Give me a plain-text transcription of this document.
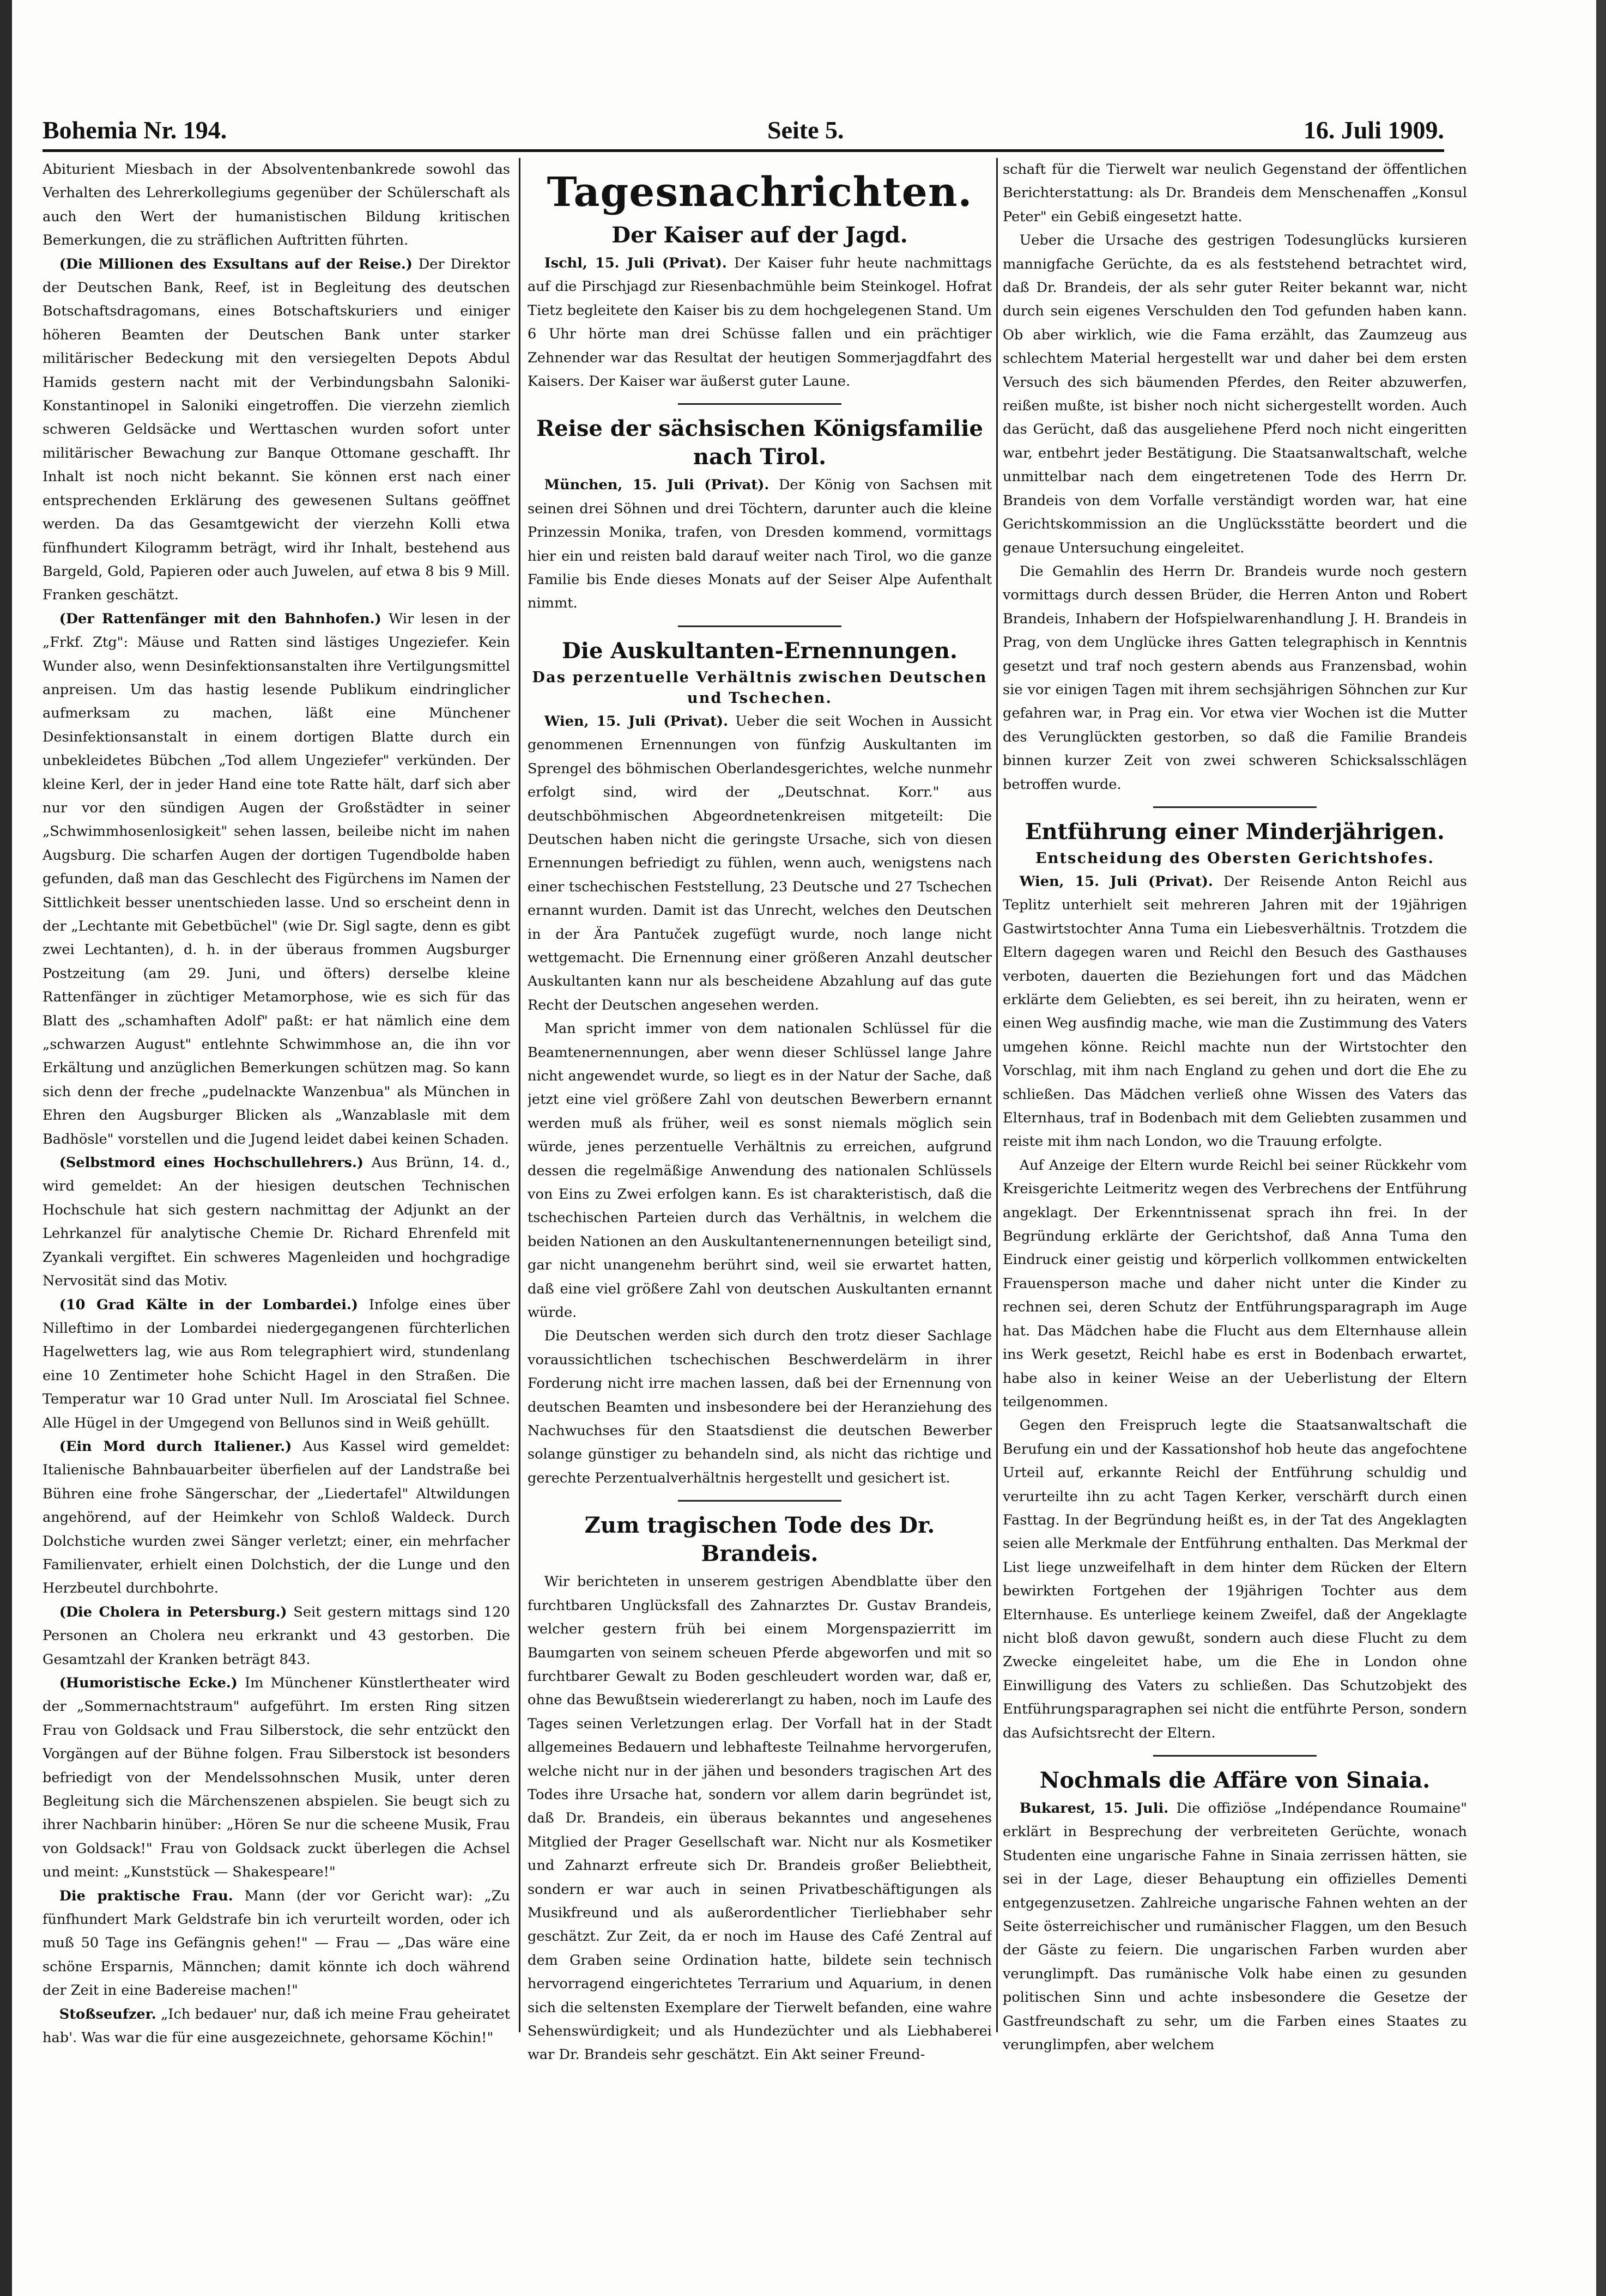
Bohemia Nr. 194.	Seite 5.	16. Juli 1909.

Abiturient Miesbach in der Absolventenbankrede sowohl das Verhalten des Lehrerkollegiums gegenüber der Schülerschaft als auch den Wert der humanistischen Bildung kritischen Bemerkungen, die zu sträflichen Auftritten führten.

(Die Millionen des Exsultans auf der Reise.) Der Direktor der Deutschen Bank, Reef, ist in Begleitung des deutschen Botschaftsdragomans, eines Botschaftskuriers und einiger höheren Beamten der Deutschen Bank unter starker militärischer Bedeckung mit den versiegelten Depots Abdul Hamids gestern nacht mit der Verbindungsbahn Saloniki-Konstantinopel in Saloniki eingetroffen. Die vierzehn ziemlich schweren Geldsäcke und Werttaschen wurden sofort unter militärischer Bewachung zur Banque Ottomane geschafft. Ihr Inhalt ist noch nicht bekannt. Sie können erst nach einer entsprechenden Erklärung des gewesenen Sultans geöffnet werden. Da das Gesamtgewicht der vierzehn Kolli etwa fünfhundert Kilogramm beträgt, wird ihr Inhalt, bestehend aus Bargeld, Gold, Papieren oder auch Juwelen, auf etwa 8 bis 9 Mill. Franken geschätzt.

(Der Rattenfänger mit den Bahnhofen.) Wir lesen in der „Frkf. Ztg": Mäuse und Ratten sind lästiges Ungeziefer. Kein Wunder also, wenn Desinfektionsanstalten ihre Vertilgungsmittel anpreisen. Um das hastig lesende Publikum eindringlicher aufmerksam zu machen, läßt eine Münchener Desinfektionsanstalt in einem dortigen Blatte durch ein unbekleidetes Bübchen „Tod allem Ungeziefer" verkünden. Der kleine Kerl, der in jeder Hand eine tote Ratte hält, darf sich aber nur vor den sündigen Augen der Großstädter in seiner „Schwimmhosenlosigkeit" sehen lassen, beileibe nicht im nahen Augsburg. Die scharfen Augen der dortigen Tugendbolde haben gefunden, daß man das Geschlecht des Figürchens im Namen der Sittlichkeit besser unentschieden lasse. Und so erscheint denn in der „Lechtante mit Gebetbüchel" (wie Dr. Sigl sagte, denn es gibt zwei Lechtanten), d. h. in der überaus frommen Augsburger Postzeitung (am 29. Juni, und öfters) derselbe kleine Rattenfänger in züchtiger Metamorphose, wie es sich für das Blatt des „schamhaften Adolf" paßt: er hat nämlich eine dem „schwarzen August" entlehnte Schwimmhose an, die ihn vor Erkältung und anzüglichen Bemerkungen schützen mag. So kann sich denn der freche „pudelnackte Wanzenbua" als München in Ehren den Augsburger Blicken als „Wanzablasle mit dem Badhösle" vorstellen und die Jugend leidet dabei keinen Schaden.

(Selbstmord eines Hochschullehrers.) Aus Brünn, 14. d., wird gemeldet: An der hiesigen deutschen Technischen Hochschule hat sich gestern nachmittag der Adjunkt an der Lehrkanzel für analytische Chemie Dr. Richard Ehrenfeld mit Zyankali vergiftet. Ein schweres Magenleiden und hochgradige Nervosität sind das Motiv.

(10 Grad Kälte in der Lombardei.) Infolge eines über Nilleftimo in der Lombardei niedergegangenen fürchterlichen Hagelwetters lag, wie aus Rom telegraphiert wird, stundenlang eine 10 Zentimeter hohe Schicht Hagel in den Straßen. Die Temperatur war 10 Grad unter Null. Im Arosciatal fiel Schnee. Alle Hügel in der Umgegend von Bellunos sind in Weiß gehüllt.

(Ein Mord durch Italiener.) Aus Kassel wird gemeldet: Italienische Bahnbauarbeiter überfielen auf der Landstraße bei Bühren eine frohe Sängerschar, der „Liedertafel" Altwildungen angehörend, auf der Heimkehr von Schloß Waldeck. Durch Dolchstiche wurden zwei Sänger verletzt; einer, ein mehrfacher Familienvater, erhielt einen Dolchstich, der die Lunge und den Herzbeutel durchbohrte.

(Die Cholera in Petersburg.) Seit gestern mittags sind 120 Personen an Cholera neu erkrankt und 43 gestorben. Die Gesamtzahl der Kranken beträgt 843.

(Humoristische Ecke.) Im Münchener Künstlertheater wird der „Sommernachtstraum" aufgeführt. Im ersten Ring sitzen Frau von Goldsack und Frau Silberstock, die sehr entzückt den Vorgängen auf der Bühne folgen. Frau Silberstock ist besonders befriedigt von der Mendelssohnschen Musik, unter deren Begleitung sich die Märchenszenen abspielen. Sie beugt sich zu ihrer Nachbarin hinüber: „Hören Se nur die scheene Musik, Frau von Goldsack!" Frau von Goldsack zuckt überlegen die Achsel und meint: „Kunststück — Shakespeare!"

Die praktische Frau. Mann (der vor Gericht war): „Zu fünfhundert Mark Geldstrafe bin ich verurteilt worden, oder ich muß 50 Tage ins Gefängnis gehen!" — Frau — „Das wäre eine schöne Ersparnis, Männchen; damit könnte ich doch während der Zeit in eine Badereise machen!"

Stoßseufzer. „Ich bedauer' nur, daß ich meine Frau geheiratet hab'. Was war die für eine ausgezeichnete, gehorsame Köchin!"

Tagesnachrichten.
Der Kaiser auf der Jagd.

Ischl, 15. Juli (Privat). Der Kaiser fuhr heute nachmittags auf die Pirschjagd zur Riesenbachmühle beim Steinkogel. Hofrat Tietz begleitete den Kaiser bis zu dem hochgelegenen Stand. Um 6 Uhr hörte man drei Schüsse fallen und ein prächtiger Zehnender war das Resultat der heutigen Sommerjagdfahrt des Kaisers. Der Kaiser war äußerst guter Laune.

Reise der sächsischen Königsfamilie nach Tirol.

München, 15. Juli (Privat). Der König von Sachsen mit seinen drei Söhnen und drei Töchtern, darunter auch die kleine Prinzessin Monika, trafen, von Dresden kommend, vormittags hier ein und reisten bald darauf weiter nach Tirol, wo die ganze Familie bis Ende dieses Monats auf der Seiser Alpe Aufenthalt nimmt.

Die Auskultanten-Ernennungen.
Das perzentuelle Verhältnis zwischen Deutschen und Tschechen.

Wien, 15. Juli (Privat). Ueber die seit Wochen in Aussicht genommenen Ernennungen von fünfzig Auskultanten im Sprengel des böhmischen Oberlandesgerichtes, welche nunmehr erfolgt sind, wird der „Deutschnat. Korr." aus deutschböhmischen Abgeordnetenkreisen mitgeteilt: Die Deutschen haben nicht die geringste Ursache, sich von diesen Ernennungen befriedigt zu fühlen, wenn auch, wenigstens nach einer tschechischen Feststellung, 23 Deutsche und 27 Tschechen ernannt wurden. Damit ist das Unrecht, welches den Deutschen in der Ära Pantuček zugefügt wurde, noch lange nicht wettgemacht. Die Ernennung einer größeren Anzahl deutscher Auskultanten kann nur als bescheidene Abzahlung auf das gute Recht der Deutschen angesehen werden.

Man spricht immer von dem nationalen Schlüssel für die Beamtenernennungen, aber wenn dieser Schlüssel lange Jahre nicht angewendet wurde, so liegt es in der Natur der Sache, daß jetzt eine viel größere Zahl von deutschen Bewerbern ernannt werden muß als früher, weil es sonst niemals möglich sein würde, jenes perzentuelle Verhältnis zu erreichen, aufgrund dessen die regelmäßige Anwendung des nationalen Schlüssels von Eins zu Zwei erfolgen kann. Es ist charakteristisch, daß die tschechischen Parteien durch das Verhältnis, in welchem die beiden Nationen an den Auskultantenernennungen beteiligt sind, gar nicht unangenehm berührt sind, weil sie erwartet hatten, daß eine viel größere Zahl von deutschen Auskultanten ernannt würde.

Die Deutschen werden sich durch den trotz dieser Sachlage voraussichtlichen tschechischen Beschwerdelärm in ihrer Forderung nicht irre machen lassen, daß bei der Ernennung von deutschen Beamten und insbesondere bei der Heranziehung des Nachwuchses für den Staatsdienst die deutschen Bewerber solange günstiger zu behandeln sind, als nicht das richtige und gerechte Perzentualverhältnis hergestellt und gesichert ist.

Zum tragischen Tode des Dr. Brandeis.

Wir berichteten in unserem gestrigen Abendblatte über den furchtbaren Unglücksfall des Zahnarztes Dr. Gustav Brandeis, welcher gestern früh bei einem Morgenspazierritt im Baumgarten von seinem scheuen Pferde abgeworfen und mit so furchtbarer Gewalt zu Boden geschleudert worden war, daß er, ohne das Bewußtsein wiedererlangt zu haben, noch im Laufe des Tages seinen Verletzungen erlag. Der Vorfall hat in der Stadt allgemeines Bedauern und lebhafteste Teilnahme hervorgerufen, welche nicht nur in der jähen und besonders tragischen Art des Todes ihre Ursache hat, sondern vor allem darin begründet ist, daß Dr. Brandeis, ein überaus bekanntes und angesehenes Mitglied der Prager Gesellschaft war. Nicht nur als Kosmetiker und Zahnarzt erfreute sich Dr. Brandeis großer Beliebtheit, sondern er war auch in seinen Privatbeschäftigungen als Musikfreund und als außerordentlicher Tierliebhaber sehr geschätzt. Zur Zeit, da er noch im Hause des Café Zentral auf dem Graben seine Ordination hatte, bildete sein technisch hervorragend eingerichtetes Terrarium und Aquarium, in denen sich die seltensten Exemplare der Tierwelt befanden, eine wahre Sehenswürdigkeit; und als Hundezüchter und als Liebhaberei war Dr. Brandeis sehr geschätzt. Ein Akt seiner Freund-

schaft für die Tierwelt war neulich Gegenstand der öffentlichen Berichterstattung: als Dr. Brandeis dem Menschenaffen „Konsul Peter" ein Gebiß eingesetzt hatte.

Ueber die Ursache des gestrigen Todesunglücks kursieren mannigfache Gerüchte, da es als feststehend betrachtet wird, daß Dr. Brandeis, der als sehr guter Reiter bekannt war, nicht durch sein eigenes Verschulden den Tod gefunden haben kann. Ob aber wirklich, wie die Fama erzählt, das Zaumzeug aus schlechtem Material hergestellt war und daher bei dem ersten Versuch des sich bäumenden Pferdes, den Reiter abzuwerfen, reißen mußte, ist bisher noch nicht sichergestellt worden. Auch das Gerücht, daß das ausgeliehene Pferd noch nicht eingeritten war, entbehrt jeder Bestätigung. Die Staatsanwaltschaft, welche unmittelbar nach dem eingetretenen Tode des Herrn Dr. Brandeis von dem Vorfalle verständigt worden war, hat eine Gerichtskommission an die Unglücksstätte beordert und die genaue Untersuchung eingeleitet.

Die Gemahlin des Herrn Dr. Brandeis wurde noch gestern vormittags durch dessen Brüder, die Herren Anton und Robert Brandeis, Inhabern der Hofspielwarenhandlung J. H. Brandeis in Prag, von dem Unglücke ihres Gatten telegraphisch in Kenntnis gesetzt und traf noch gestern abends aus Franzensbad, wohin sie vor einigen Tagen mit ihrem sechsjährigen Söhnchen zur Kur gefahren war, in Prag ein. Vor etwa vier Wochen ist die Mutter des Verunglückten gestorben, so daß die Familie Brandeis binnen kurzer Zeit von zwei schweren Schicksalsschlägen betroffen wurde.

Entführung einer Minderjährigen.
Entscheidung des Obersten Gerichtshofes.

Wien, 15. Juli (Privat). Der Reisende Anton Reichl aus Teplitz unterhielt seit mehreren Jahren mit der 19jährigen Gastwirtstochter Anna Tuma ein Liebesverhältnis. Trotzdem die Eltern dagegen waren und Reichl den Besuch des Gasthauses verboten, dauerten die Beziehungen fort und das Mädchen erklärte dem Geliebten, es sei bereit, ihn zu heiraten, wenn er einen Weg ausfindig mache, wie man die Zustimmung des Vaters umgehen könne. Reichl machte nun der Wirtstochter den Vorschlag, mit ihm nach England zu gehen und dort die Ehe zu schließen. Das Mädchen verließ ohne Wissen des Vaters das Elternhaus, traf in Bodenbach mit dem Geliebten zusammen und reiste mit ihm nach London, wo die Trauung erfolgte.

Auf Anzeige der Eltern wurde Reichl bei seiner Rückkehr vom Kreisgerichte Leitmeritz wegen des Verbrechens der Entführung angeklagt. Der Erkenntnissenat sprach ihn frei. In der Begründung erklärte der Gerichtshof, daß Anna Tuma den Eindruck einer geistig und körperlich vollkommen entwickelten Frauensperson mache und daher nicht unter die Kinder zu rechnen sei, deren Schutz der Entführungsparagraph im Auge hat. Das Mädchen habe die Flucht aus dem Elternhause allein ins Werk gesetzt, Reichl habe es erst in Bodenbach erwartet, habe also in keiner Weise an der Ueberlistung der Eltern teilgenommen.

Gegen den Freispruch legte die Staatsanwaltschaft die Berufung ein und der Kassationshof hob heute das angefochtene Urteil auf, erkannte Reichl der Entführung schuldig und verurteilte ihn zu acht Tagen Kerker, verschärft durch einen Fasttag. In der Begründung heißt es, in der Tat des Angeklagten seien alle Merkmale der Entführung enthalten. Das Merkmal der List liege unzweifelhaft in dem hinter dem Rücken der Eltern bewirkten Fortgehen der 19jährigen Tochter aus dem Elternhause. Es unterliege keinem Zweifel, daß der Angeklagte nicht bloß davon gewußt, sondern auch diese Flucht zu dem Zwecke eingeleitet habe, um die Ehe in London ohne Einwilligung des Vaters zu schließen. Das Schutzobjekt des Entführungsparagraphen sei nicht die entführte Person, sondern das Aufsichtsrecht der Eltern.

Nochmals die Affäre von Sinaia.

Bukarest, 15. Juli. Die offiziöse „Indépendance Roumaine" erklärt in Besprechung der verbreiteten Gerüchte, wonach Studenten eine ungarische Fahne in Sinaia zerrissen hätten, sie sei in der Lage, dieser Behauptung ein offizielles Dementi entgegenzusetzen. Zahlreiche ungarische Fahnen wehten an der Seite österreichischer und rumänischer Flaggen, um den Besuch der Gäste zu feiern. Die ungarischen Farben wurden aber verunglimpft. Das rumänische Volk habe einen zu gesunden politischen Sinn und achte insbesondere die Gesetze der Gastfreundschaft zu sehr, um die Farben eines Staates zu verunglimpfen, aber welchem
